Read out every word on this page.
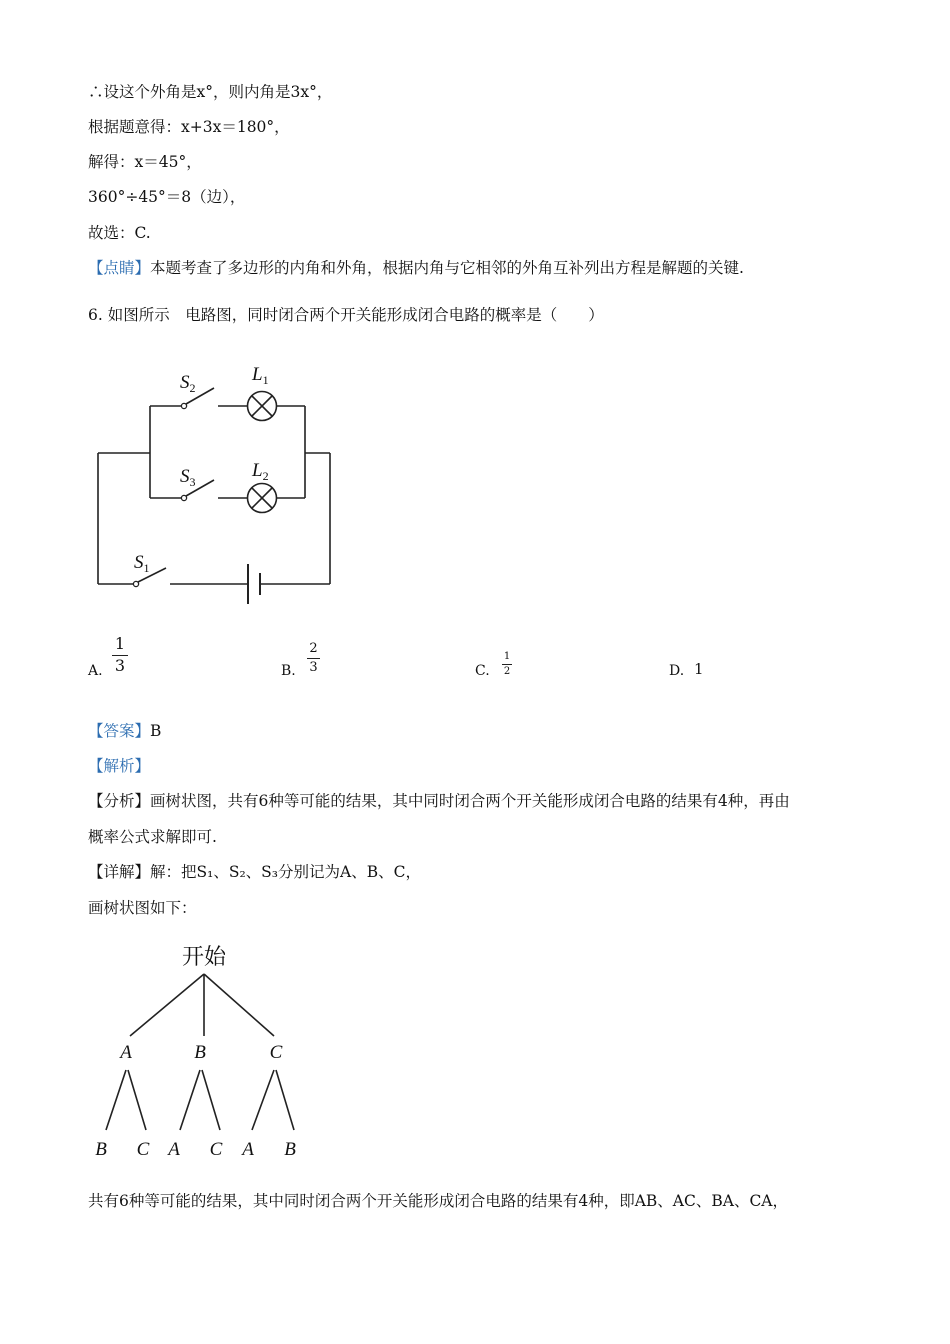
∴设这个外角是x°，则内角是3x°，
根据题意得：x+3x＝180°，
解得：x＝45°，
360°÷45°＝8（边），
故选：C.
【点睛】本题考查了多边形的内角和外角，根据内角与它相邻的外角互补列出方程是解题的关键.
6. 如图所示　电路图，同时闭合两个开关能形成闭合电路的概率是（　　）
$S_2$
$L_1$
$S_3$
$L_2$
$S_1$
A. $\frac{1}{3}$	B. $\frac{2}{3}$	C. $\frac{1}{2}$	D. 1
【答案】B
【解析】
【分析】画树状图，共有6种等可能的结果，其中同时闭合两个开关能形成闭合电路的结果有4种，再由
概率公式求解即可.
【详解】解：把S₁、S₂、S₃分别记为A、B、C，
画树状图如下：
开始
A	B	C
B C A C A B
共有6种等可能的结果，其中同时闭合两个开关能形成闭合电路的结果有4种，即AB、AC、BA、CA，
